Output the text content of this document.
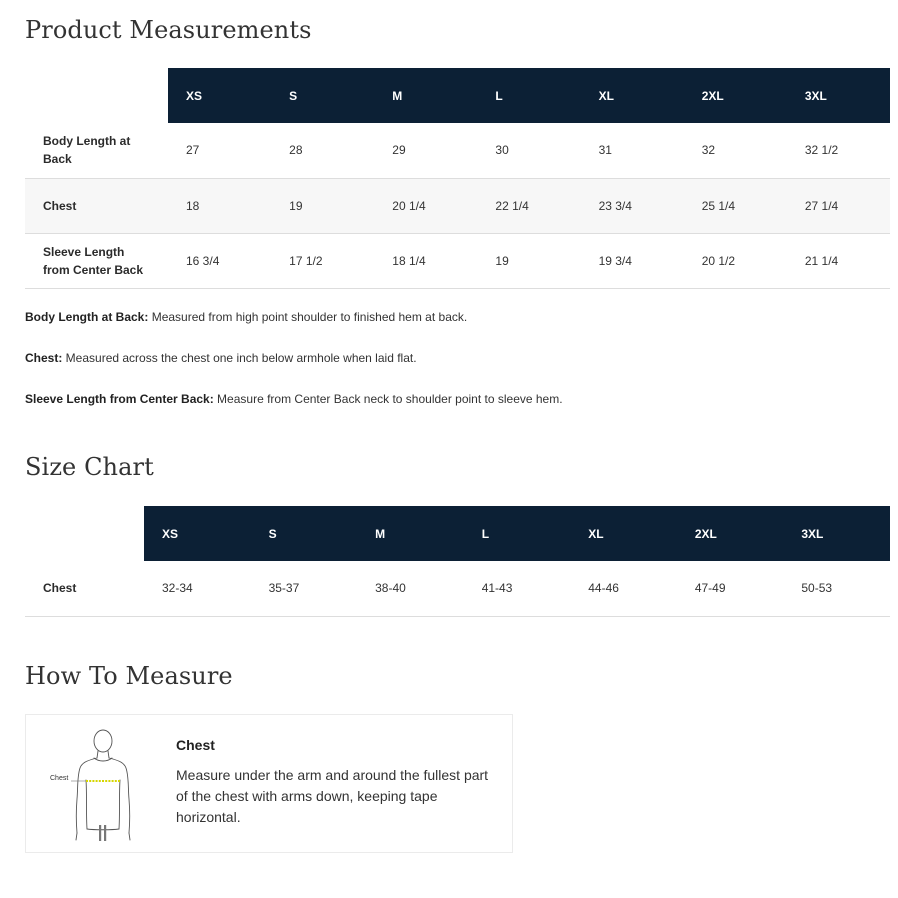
Product Measurements
	XS	S	M	L	XL	2XL	3XL
Body Length at Back	27	28	29	30	31	32	32 1/2
Chest	18	19	20 1/4	22 1/4	23 3/4	25 1/4	27 1/4
Sleeve Length from Center Back	16 3/4	17 1/2	18 1/4	19	19 3/4	20 1/2	21 1/4

Body Length at Back: Measured from high point shoulder to finished hem at back.

Chest: Measured across the chest one inch below armhole when laid flat.

Sleeve Length from Center Back: Measure from Center Back neck to shoulder point to sleeve hem.

Size Chart
	XS	S	M	L	XL	2XL	3XL
Chest	32-34	35-37	38-40	41-43	44-46	47-49	50-53
How To Measure
Chest
Chest
Measure under the arm and around the fullest part of the chest with arms down, keeping tape horizontal.
